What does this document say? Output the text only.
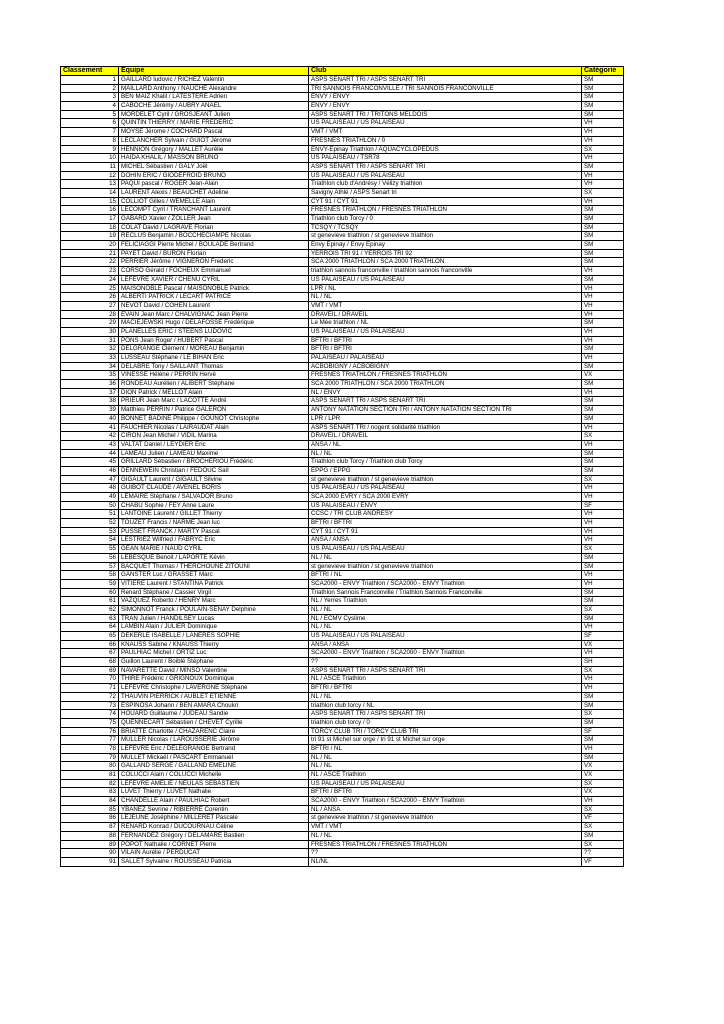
Classement	Equipe	Club	Catégorie
1	GAILLARD ludovic / RICHEZ Valentin	ASPS SENART TRI / ASPS SENART TRI	SM
2	MAILLARD Anthony / NAUCHE Alexandre	TRI SANNOIS FRANCONVILLE / TRI SANNOIS FRANCONVILLE	SM
3	BEN MAIZ Khalil / LATESTERE Adrien	ENVY / ENVY	SM
4	CABOCHE Jérémy / AUBRY ANAEL	ENVY / ENVY	SM
5	MORDELET Cyril / GROSJEANT Julien	ASPS SENART TRI / TRITONS MELDOIS	SM
6	QUINTIN THIERRY / MARIE FREDERIC	US PALAISEAU / US PALAISEAU	VH
7	MOYSE Jérome / COCHARD Pascal	VMT / VMT	VH
8	LECLANCHER Sylvain / GUIOT Jérome	FRESNES TRIATHLON / 0	VH
9	HENNION Grégory / MALLET Aurélie	ENVY-Epinay Triathlon / AQUACYCLOPEDUS	SX
10	HAIDA KHALIL / MASSON BRUNO	US PALAISEAU / TSR78	VH
11	MICHEL Sébastien / GALY Joël	ASPS SENART TRI / ASPS SENART TRI	SM
12	DOHIN ERIC / GIODEFROID BRUNO	US PALAISEAU / US PALAISEAU	VH
13	PAQUI pascal / ROGER Jean-Alain	Triathlon club d'Andrésy / Vélizy triathlon	VH
14	LAURENT Alexis / BEAUCHET Adeline	Savigny Athlé / ASPS Senart tri	SX
15	COLLIOT Gilles / WEMELLE Alain	CYT 91 / CYT 91	VH
16	LECOMPT Cyril / TRANCHANT Laurent	FRESNES TRIATHLON / FRESNES TRIATHLON	SM
17	GABARD Xavier / ZOLLER Jean	Triathlon club Torcy / 0	SM
18	COLAT David / LAGRAVE Florian	TCSQY / TCSQY	SM
19	RECLUS Benjamin / BOCCHECIAMPE Nicolas	st genevieve triathlon / st genevieve triathlon	SM
20	FELICIAGGI Pierre Michel / BOULADE Bertrand	Envy Epinay / Envy Epinay	SM
21	PAYET David / BURON Florian	YERROIS TRI 91 / YERROIS TRI 92	SM
22	PERRIER Jérôme / VIGNERON Frederic	SCA 2000 TRIATHLON / SCA 2000 TRIATHLON	SM
23	CORSO Gérald / FOCHEUX Emmanuel	triathlon sannois franconville / triathlon sannois franconville	VH
24	LEFEVRE XAVIER / CHENU CYRIL	US PALAISEAU / US PALAISEAU	SM
25	MAISONOBLE Pascal / MAISONOBLE Patrick	LPR / NL	VH
26	ALBERTI PATRICK / LECART PATRICE	NL / NL	VH
27	NEVOT David / COHEN Laurent	VMT / VMT	VH
28	EVAIN Jean Marc / CHALVIGNAC Jean Pierre	DRAVEIL / DRAVEIL	VH
29	MACIEJEWSKI Hugo / DELAFOSSE Frédérique	Le Mée triathlon / NL	SM
30	PLANELLES ERIC / STEENS LUDOVIC	US PALAISEAU / US PALAISEAU	VH
31	PONS Jean Roger / HUBERT Pascal	BFTRI / BFTRI	VH
32	DELGRANGE Clément / MOREAU Benjamin	BFTRI / BFTRI	SM
33	LUSSEAU Stéphane / LE BIHAN Eric	PALAISEAU / PALAISEAU	VH
34	DELABRE Tony / SAILLANT Thomas	ACBOBIGNY / ACBOBIGNY	SM
35	VINESSE Hélène / PERRIN Hervé	FRESNES TRIATHLON / FRESNES TRIATHLON	VX
36	RONDEAU Aurélien / ALIBERT Stéphane	SCA 2000 TRIATHLON / SCA 2000 TRIATHLON	SM
37	DION Patrick / MELLOT Alain	NL / ENVY	VH
38	PRIEUR Jean Marc / LACOTTE André	ASPS SENART TRI / ASPS SENART TRI	SM
39	Matthieu PERRIN / Patrice GALERON	ANTONY NATATION SECTION TRI / ANTONY NATATION SECTION TRI	SM
40	BONNET BADINE Philippe / GOUNOT Christophe	LPR / LPR	SM
41	FAUCHIER Nicolas / LAIRAUDAT Alain	ASPS SENART TRI / nogent solidarité triathlon	VH
42	CIRON Jean Michel / VIDIL Marina	DRAVEIL / DRAVEIL	SX
43	VALTAT Daniel / LEYDIER Eric	ANSA / NL	VH
44	LAMEAU Julien / LAMEAU Maxime	NL / NL	SM
45	GRILLARD Sébastien / BROCHERIOU Frédéric	Triathlon club Torcy / Triathlon club Torcy	SM
46	DENNEWEIN Christian / FEDOUC Saïl	EPPG / EPPG	SM
47	GIGAULT Laurent / GIGAULT Silvine	st genevieve triathlon / st genevieve triathlon	SX
48	GUIBOT CLAUDE / AVENEL BORIS	US PALAISEAU / US PALAISEAU	VH
49	LEMAIRE Stéphane / SALVADOR Bruno	SCA 2000 EVRY / SCA 2000 EVRY	VH
50	CHABU Sophie / FEY Anne Laure	US PALAISEAU / ENVY	SF
51	LANTOINE Laurent / GILLET Thierry	CCSC / TRI CLUB ANDRESY	VH
52	TOUZET Francis / NARME Jean luc	BFTRI / BFTRI	VH
53	PUSSET FRANCK / MARTY Pascal	CYT 91 / CYT 91	VH
54	LESTRIEZ Wilfried / FABRYC Eric	ANSA / ANSA	VH
55	GEAN MARIE / NAUD CYRIL	US PALAISEAU / US PALAISEAU	SX
56	LEBESQUE Benoit / LAPORTE Kévin	NL / NL	SM
57	BACQUET Thomas / THERCHOUNE ZITOUNI	st genevieve triathlon / st genevieve triathlon	SM
58	GANSTER Luc / GRASSET Marc	BFTRI / NL	VH
59	VITIERE Laurent / STANTINA Patrick	SCA2000 - ENVY Triathlon / SCA2000 - ENVY Triathlon	VH
60	Renard Stéphane / Cassier Virgil	Triathlon Sannois Franconville / Triathlon Sannois Franconville	SM
61	VAZQUEZ Roberto / HENRY Marc	NL / Yerres Triathlon	SM
62	SIMONNOT Franck / POULAIN-SENAY Delphine	NL / NL	SX
63	TRAN Julien / HANDILSEY Lucas	NL / ECMV Cyslime	SM
64	LAMBIN Alain / JULIER Dominique	NL / NL	VH
65	DEKERLE ISABELLE / LANERES SOPHIE	US PALAISEAU / US PALAISEAU	SF
66	KNAUSS Sabine / KNAUSS Thierry	ANSA / ANSA	VX
67	PAULHIAC Michel / ORTIZ Luc	SCA2000 - ENVY Triathlon / SCA2000 - ENVY Triathlon	VH
68	Guillon Laurent / Boiblé Stéphane	??	SH
69	NAVARETTE David / MINSO Valentine	ASPS SENART TRI / ASPS SENART TRI	SX
70	THIRE Frédéric / GRIGNOUX Dominique	NL / ASCE Triathlon	VH
71	LEFEVRE Christophe / LAVERGNE Stéphane	BFTRI / BFTRI	VH
72	THAUVIN PIERRICK / AUBLET ETIENNE	NL / NL	SM
73	ESPINOSA Johann / BEN AMARA Choukri	triathlon club torcy / NL	SM
74	HOUARD Guillaume / JUDEAU Sandie	ASPS SENART TRI / ASPS SENART TRI	SX
75	QUENNECART Sébastien / CHEVET Cyrille	triathlon club torcy / 0	SM
76	BRIATTE Charlotte / CHAZARENC Claire	TORCY CLUB TRI / TORCY CLUB TRI	SF
77	MULLER Nicolas / LAROUSSERIE Jérôme	tri 91 st Michel sur orge / tri 91 st Michel sur orge	SM
78	LEFEVRE Eric / DELEGRANGE Bertrand	BFTRI / NL	VH
79	MULLET Mickaël / PASCART Emmanuel	NL / NL	SM
80	GALLAND SERGE / GALLAND EMELINE	NL / NL	VX
81	COLUCCI Alain / COLUCCI Michelle	NL / ASCE Triathlon	VX
82	LEFEVRE AMELIE / NEULAS SEBASTIEN	US PALAISEAU / US PALAISEAU	SX
83	LUVET Thierry / LUVET Nathalie	BFTRI / BFTRI	VX
84	CHANDELLE Alain / PAULHIAC Robert	SCA2000 - ENVY Triathlon / SCA2000 - ENVY Triathlon	VH
85	YBANEZ Sevrine / RIBIERRE Corentin	NL / ANSA	SX
86	LEJEUNE Joséphine / MILLERET Pascale	st genevieve triathlon / st genevieve triathlon	VF
87	RENARD Konrad / DUCOURNAU Céline	VMT / VMT	SX
88	FERNANDEZ Grégory / DELAMARE Bastien	NL / NL	SM
89	POPOT Nathalie / CORNET Pierre	FRESNES TRIATHLON / FRESNES TRIATHLON	SX
90	VILAIN Aurélie / PERDUCAT	??	??
91	SALLET Sylvaine / ROUSSEAU Patricia	NL/NL	VF
